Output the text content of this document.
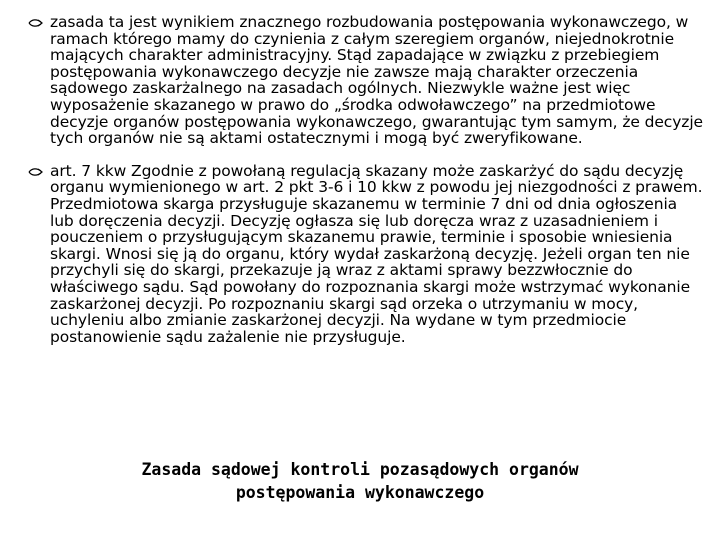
zasada ta jest wynikiem znacznego rozbudowania postępowania wykonawczego, w ramach którego mamy do czynienia z całym szeregiem organów, niejednokrotnie mających charakter administracyjny. Stąd zapadające w związku z przebiegiem postępowania wykonawczego decyzje nie zawsze mają charakter orzeczenia sądowego zaskarżalnego na zasadach ogólnych. Niezwykle ważne jest więc wyposażenie skazanego w prawo do „środka odwoławczego” na przedmiotowe decyzje organów postępowania wykonawczego, gwarantując tym samym, że decyzje tych organów nie są aktami ostatecznymi i mogą być zweryfikowane.
art. 7 kkw Zgodnie z powołaną regulacją skazany może zaskarżyć do sądu decyzję organu wymienionego w art. 2 pkt 3-6 i 10 kkw z powodu jej niezgodności z prawem. Przedmiotowa skarga przysługuje skazanemu w terminie 7 dni od dnia ogłoszenia lub doręczenia decyzji. Decyzję ogłasza się lub doręcza wraz z uzasadnieniem i pouczeniem o przysługującym skazanemu prawie, terminie i sposobie wniesienia skargi. Wnosi się ją do organu, który wydał zaskarżoną decyzję. Jeżeli organ ten nie przychyli się do skargi, przekazuje ją wraz z aktami sprawy bezzwłocznie do właściwego sądu. Sąd powołany do rozpoznania skargi może wstrzymać wykonanie zaskarżonej decyzji. Po rozpoznaniu skargi sąd orzeka o utrzymaniu w mocy, uchyleniu albo zmianie zaskarżonej decyzji. Na wydane w tym przedmiocie postanowienie sądu zażalenie nie przysługuje.
Zasada sądowej kontroli pozasądowych organów
postępowania wykonawczego
